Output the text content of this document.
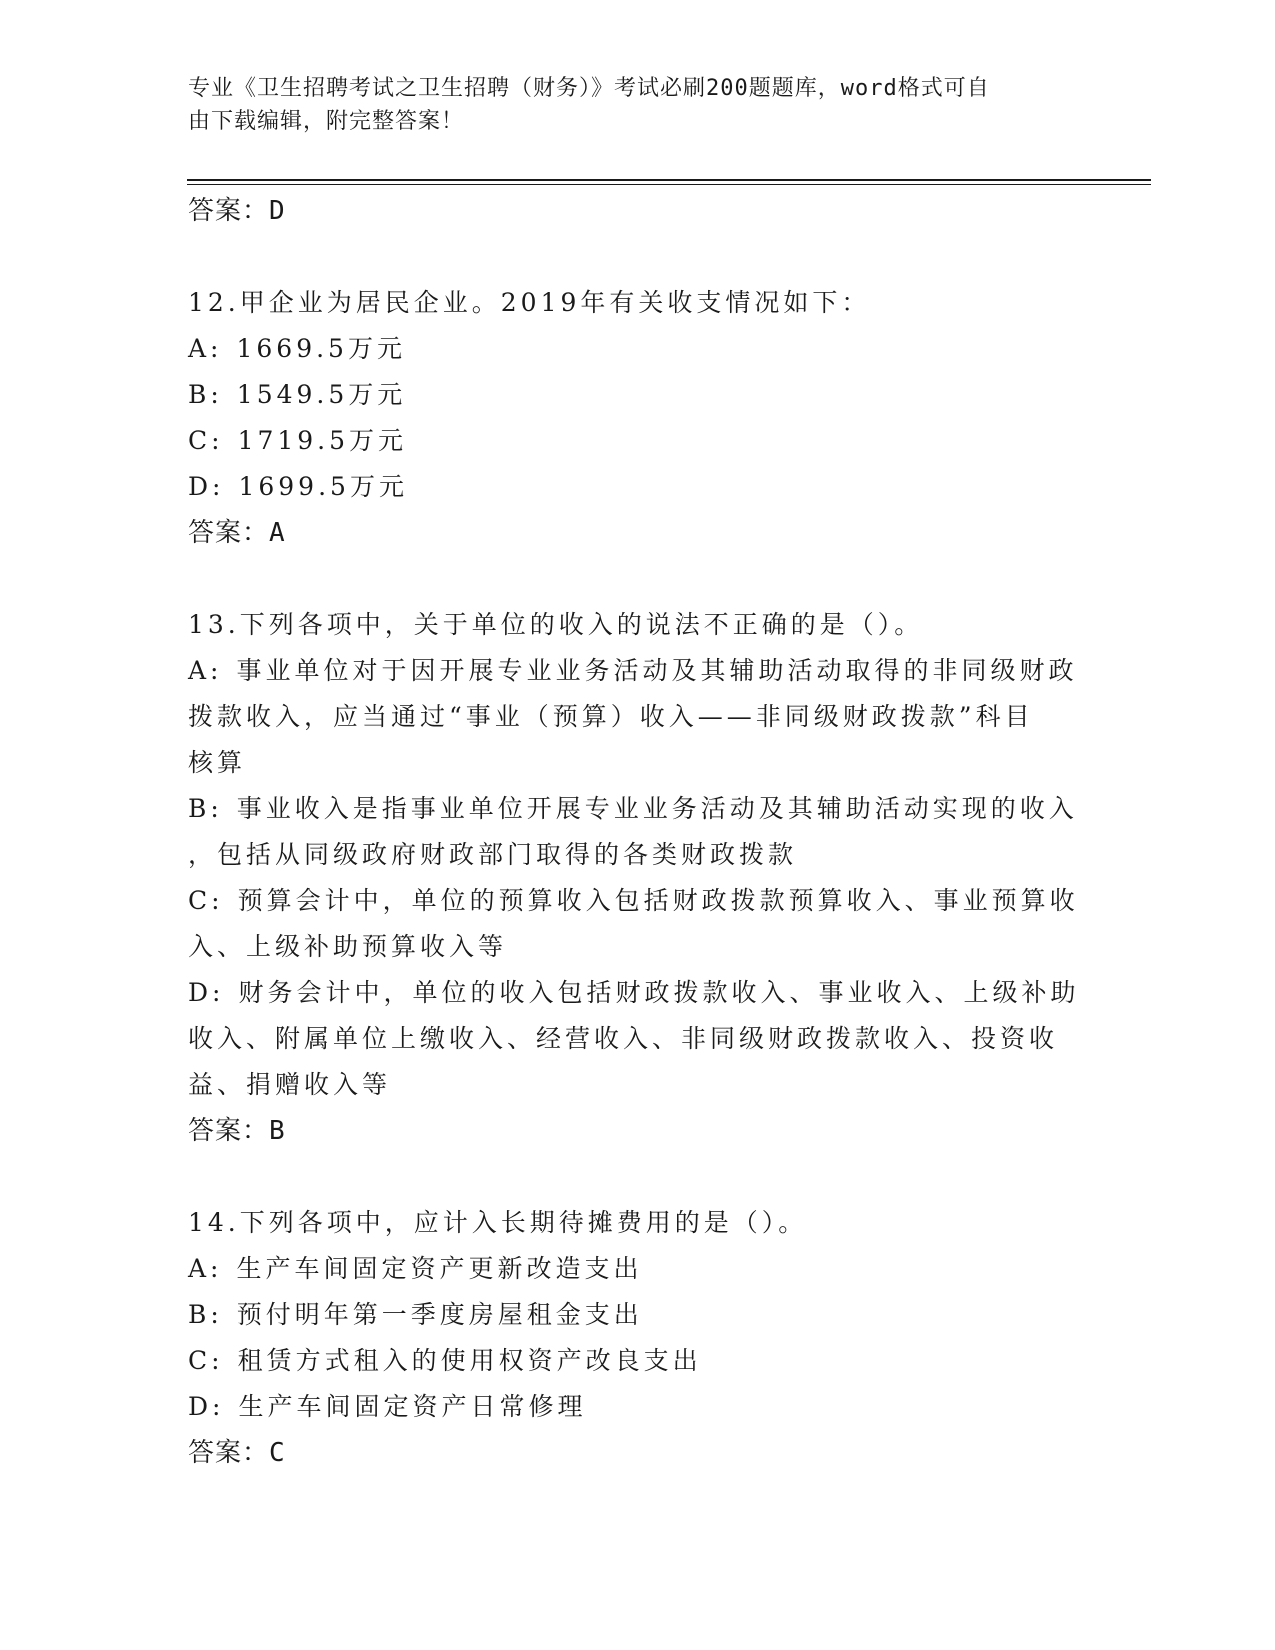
专业《卫生招聘考试之卫生招聘（财务）》考试必刷200题题库，word格式可自
由下载编辑，附完整答案！
答案：D
12.甲企业为居民企业。2019年有关收支情况如下：
A: 1669.5万元
B: 1549.5万元
C: 1719.5万元
D: 1699.5万元
答案：A
13.下列各项中，关于单位的收入的说法不正确的是（）。
A: 事业单位对于因开展专业业务活动及其辅助活动取得的非同级财政
拨款收入，应当通过“事业（预算）收入——非同级财政拨款”科目
核算
B: 事业收入是指事业单位开展专业业务活动及其辅助活动实现的收入
，包括从同级政府财政部门取得的各类财政拨款
C: 预算会计中，单位的预算收入包括财政拨款预算收入、事业预算收
入、上级补助预算收入等
D: 财务会计中，单位的收入包括财政拨款收入、事业收入、上级补助
收入、附属单位上缴收入、经营收入、非同级财政拨款收入、投资收
益、捐赠收入等
答案：B
14.下列各项中，应计入长期待摊费用的是（）。
A: 生产车间固定资产更新改造支出
B: 预付明年第一季度房屋租金支出
C: 租赁方式租入的使用权资产改良支出
D: 生产车间固定资产日常修理
答案：C
